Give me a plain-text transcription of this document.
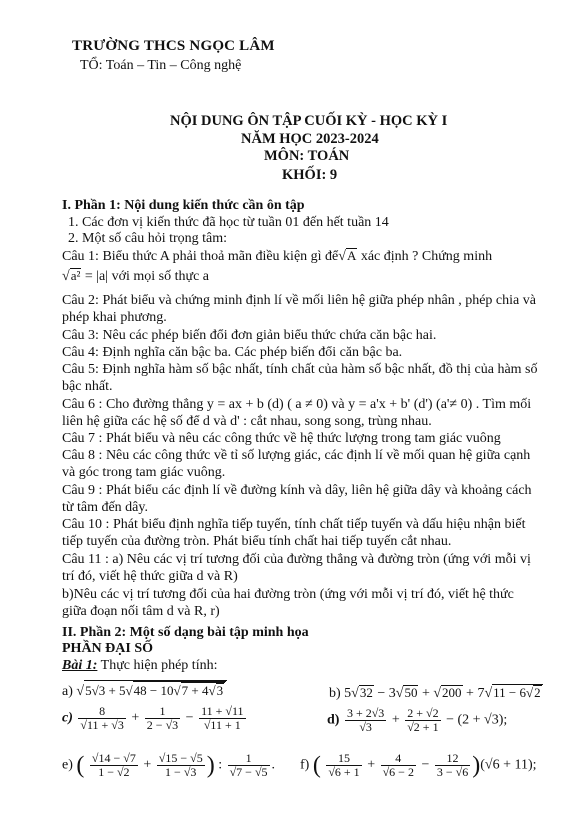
TRƯỜNG THCS NGỌC LÂM
TỔ: Toán – Tin – Công nghệ
NỘI DUNG ÔN TẬP CUỐI KỲ - HỌC KỲ I
NĂM HỌC 2023-2024
MÔN: TOÁN
KHỐI: 9
I. Phần 1: Nội dung kiến thức cần ôn tập
1. Các đơn vị kiến thức đã học từ tuần 01 đến hết tuần 14
2. Một số câu hỏi trọng tâm:
Câu 1: Biểu thức A phải thoả mãn điều kiện gì để√A xác định ? Chứng minh
√a² = |a| với mọi số thực a
Câu 2: Phát biểu và chứng minh định lí về mối liên hệ giữa phép nhân , phép chia và
phép khai phương.
Câu 3: Nêu các phép biến đổi đơn giản biểu thức chứa căn bậc hai.
Câu 4: Định nghĩa căn bậc ba. Các phép biến đổi căn bậc ba.
Câu 5: Định nghĩa hàm số bậc nhất, tính chất của hàm số bậc nhất, đồ thị của hàm số
bậc nhất.
Câu 6 : Cho đường thẳng y = ax + b (d) ( a ≠ 0) và y = a'x + b' (d') (a'≠ 0) . Tìm mối
liên hệ giữa các hệ số để d và d' : cắt nhau, song song, trùng nhau.
Câu 7 : Phát biểu và nêu các công thức về hệ thức lượng trong tam giác vuông
Câu 8 : Nêu các công thức về tỉ số lượng giác, các định lí về mối quan hệ giữa cạnh
và góc trong tam giác vuông.
Câu 9 : Phát biểu các định lí về đường kính và dây, liên hệ giữa dây và khoảng cách
từ tâm đến dây.
Câu 10 : Phát biểu định nghĩa tiếp tuyến, tính chất tiếp tuyến và dấu hiệu nhận biết
tiếp tuyến của đường tròn. Phát biểu tính chất hai tiếp tuyến cắt nhau.
Câu 11 : a) Nêu các vị trí tương đối của đường thẳng và đường tròn (ứng với mỗi vị
trí đó, viết hệ thức giữa d và R)
b)Nêu các vị trí tương đối của hai đường tròn (ứng với mỗi vị trí đó, viết hệ thức
giữa đoạn nối tâm d và R, r)
II. Phần 2: Một số dạng bài tập minh họa
PHẦN ĐẠI SỐ
Bài 1: Thực hiện phép tính:
a) √5√3 + 5√48 − 10√7 + 4√3	b) 5√32 − 3√50 + √200 + 7√11 − 6√2
$c) \frac{8}{√11 + √3} + \frac{1}{2 - √3} - \frac{11 + √11}{√11 + 1}$	$d) \frac{3 + 2√3}{√3} + \frac{2 + √2}{√2 + 1} - (2 + √3)$;
e) ( $\frac{√14 - √7}{1 - √2} + \frac{√15 - √5}{1 - √3}$ ) : $\frac{1}{√7 - √5}$ . f) ( $\frac{15}{√6 + 1} + \frac{4}{√6 - 2} - \frac{12}{3 - √6} )(√6 + 11)$;
